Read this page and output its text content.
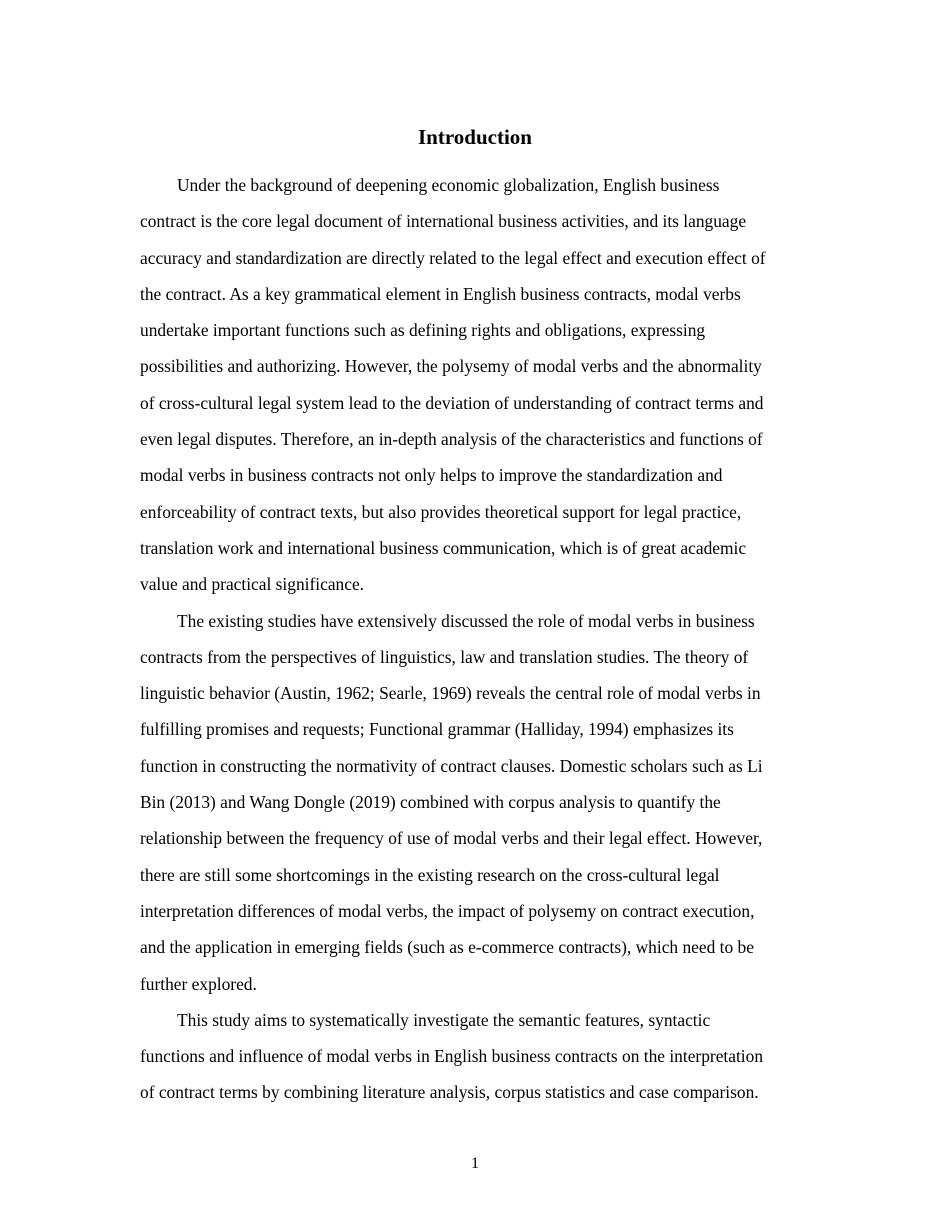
Introduction

Under the background of deepening economic globalization, English business
contract is the core legal document of international business activities, and its language
accuracy and standardization are directly related to the legal effect and execution effect of
the contract. As a key grammatical element in English business contracts, modal verbs
undertake important functions such as defining rights and obligations, expressing
possibilities and authorizing. However, the polysemy of modal verbs and the abnormality
of cross-cultural legal system lead to the deviation of understanding of contract terms and
even legal disputes. Therefore, an in-depth analysis of the characteristics and functions of
modal verbs in business contracts not only helps to improve the standardization and
enforceability of contract texts, but also provides theoretical support for legal practice,
translation work and international business communication, which is of great academic
value and practical significance.

The existing studies have extensively discussed the role of modal verbs in business
contracts from the perspectives of linguistics, law and translation studies. The theory of
linguistic behavior (Austin, 1962; Searle, 1969) reveals the central role of modal verbs in
fulfilling promises and requests; Functional grammar (Halliday, 1994) emphasizes its
function in constructing the normativity of contract clauses. Domestic scholars such as Li
Bin (2013) and Wang Dongle (2019) combined with corpus analysis to quantify the
relationship between the frequency of use of modal verbs and their legal effect. However,
there are still some shortcomings in the existing research on the cross-cultural legal
interpretation differences of modal verbs, the impact of polysemy on contract execution,
and the application in emerging fields (such as e-commerce contracts), which need to be
further explored.

This study aims to systematically investigate the semantic features, syntactic
functions and influence of modal verbs in English business contracts on the interpretation
of contract terms by combining literature analysis, corpus statistics and case comparison.

1
